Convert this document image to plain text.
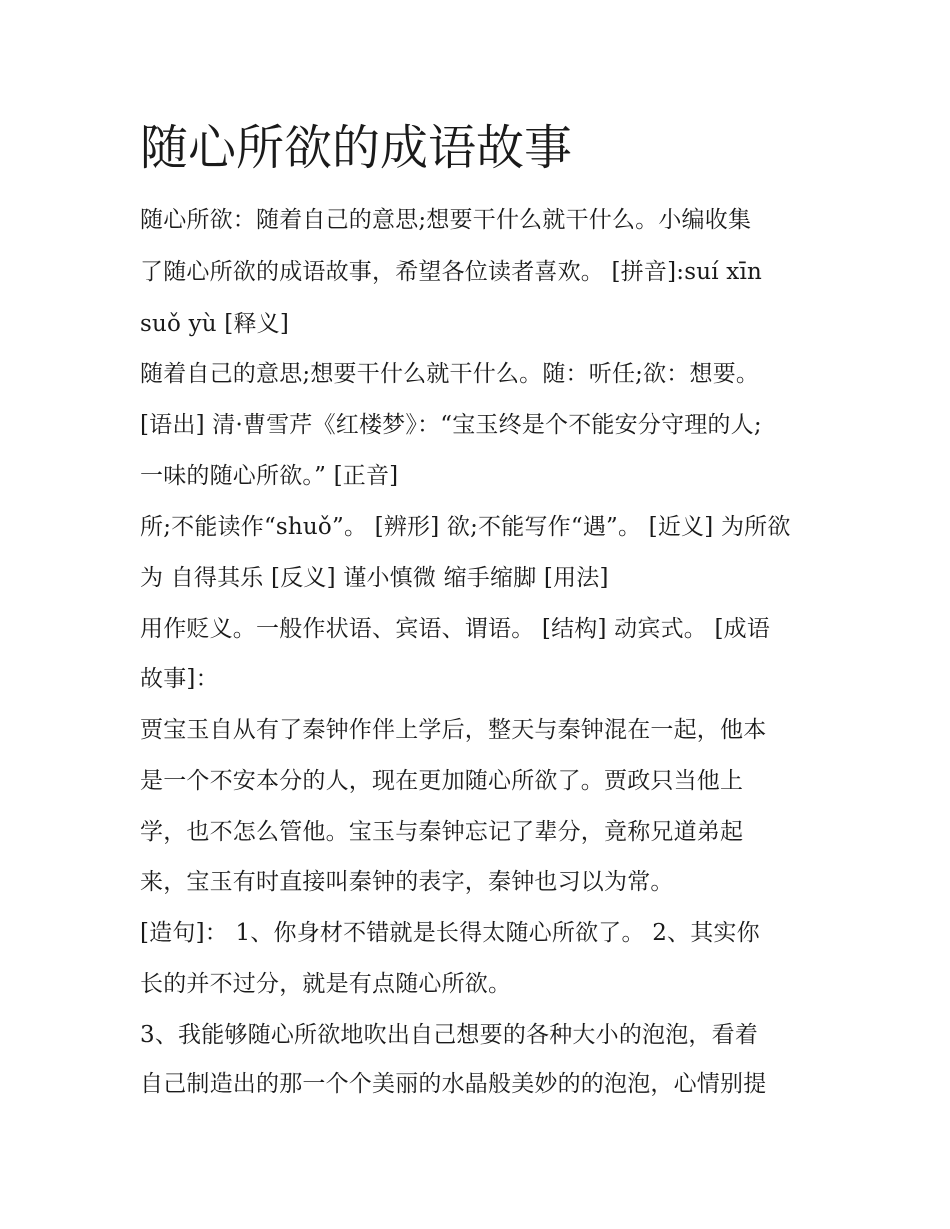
随心所欲的成语故事

随心所欲：随着自己的意思;想要干什么就干什么。小编收集

了随心所欲的成语故事，希望各位读者喜欢。 [拼音]:suí xīn

suǒ yù [释义]

随着自己的意思;想要干什么就干什么。随：听任;欲：想要。

[语出] 清·曹雪芹《红楼梦》：“宝玉终是个不能安分守理的人;

一味的随心所欲。” [正音]

所;不能读作“shuǒ”。 [辨形] 欲;不能写作“遇”。 [近义] 为所欲

为 自得其乐 [反义] 谨小慎微 缩手缩脚 [用法]

用作贬义。一般作状语、宾语、谓语。 [结构] 动宾式。 [成语

故事]：

贾宝玉自从有了秦钟作伴上学后，整天与秦钟混在一起，他本

是一个不安本分的人，现在更加随心所欲了。贾政只当他上

学，也不怎么管他。宝玉与秦钟忘记了辈分，竟称兄道弟起

来，宝玉有时直接叫秦钟的表字，秦钟也习以为常。

[造句]： 1、你身材不错就是长得太随心所欲了。 2、其实你

长的并不过分，就是有点随心所欲。

3、我能够随心所欲地吹出自己想要的各种大小的泡泡，看着

自己制造出的那一个个美丽的水晶般美妙的的泡泡，心情别提
